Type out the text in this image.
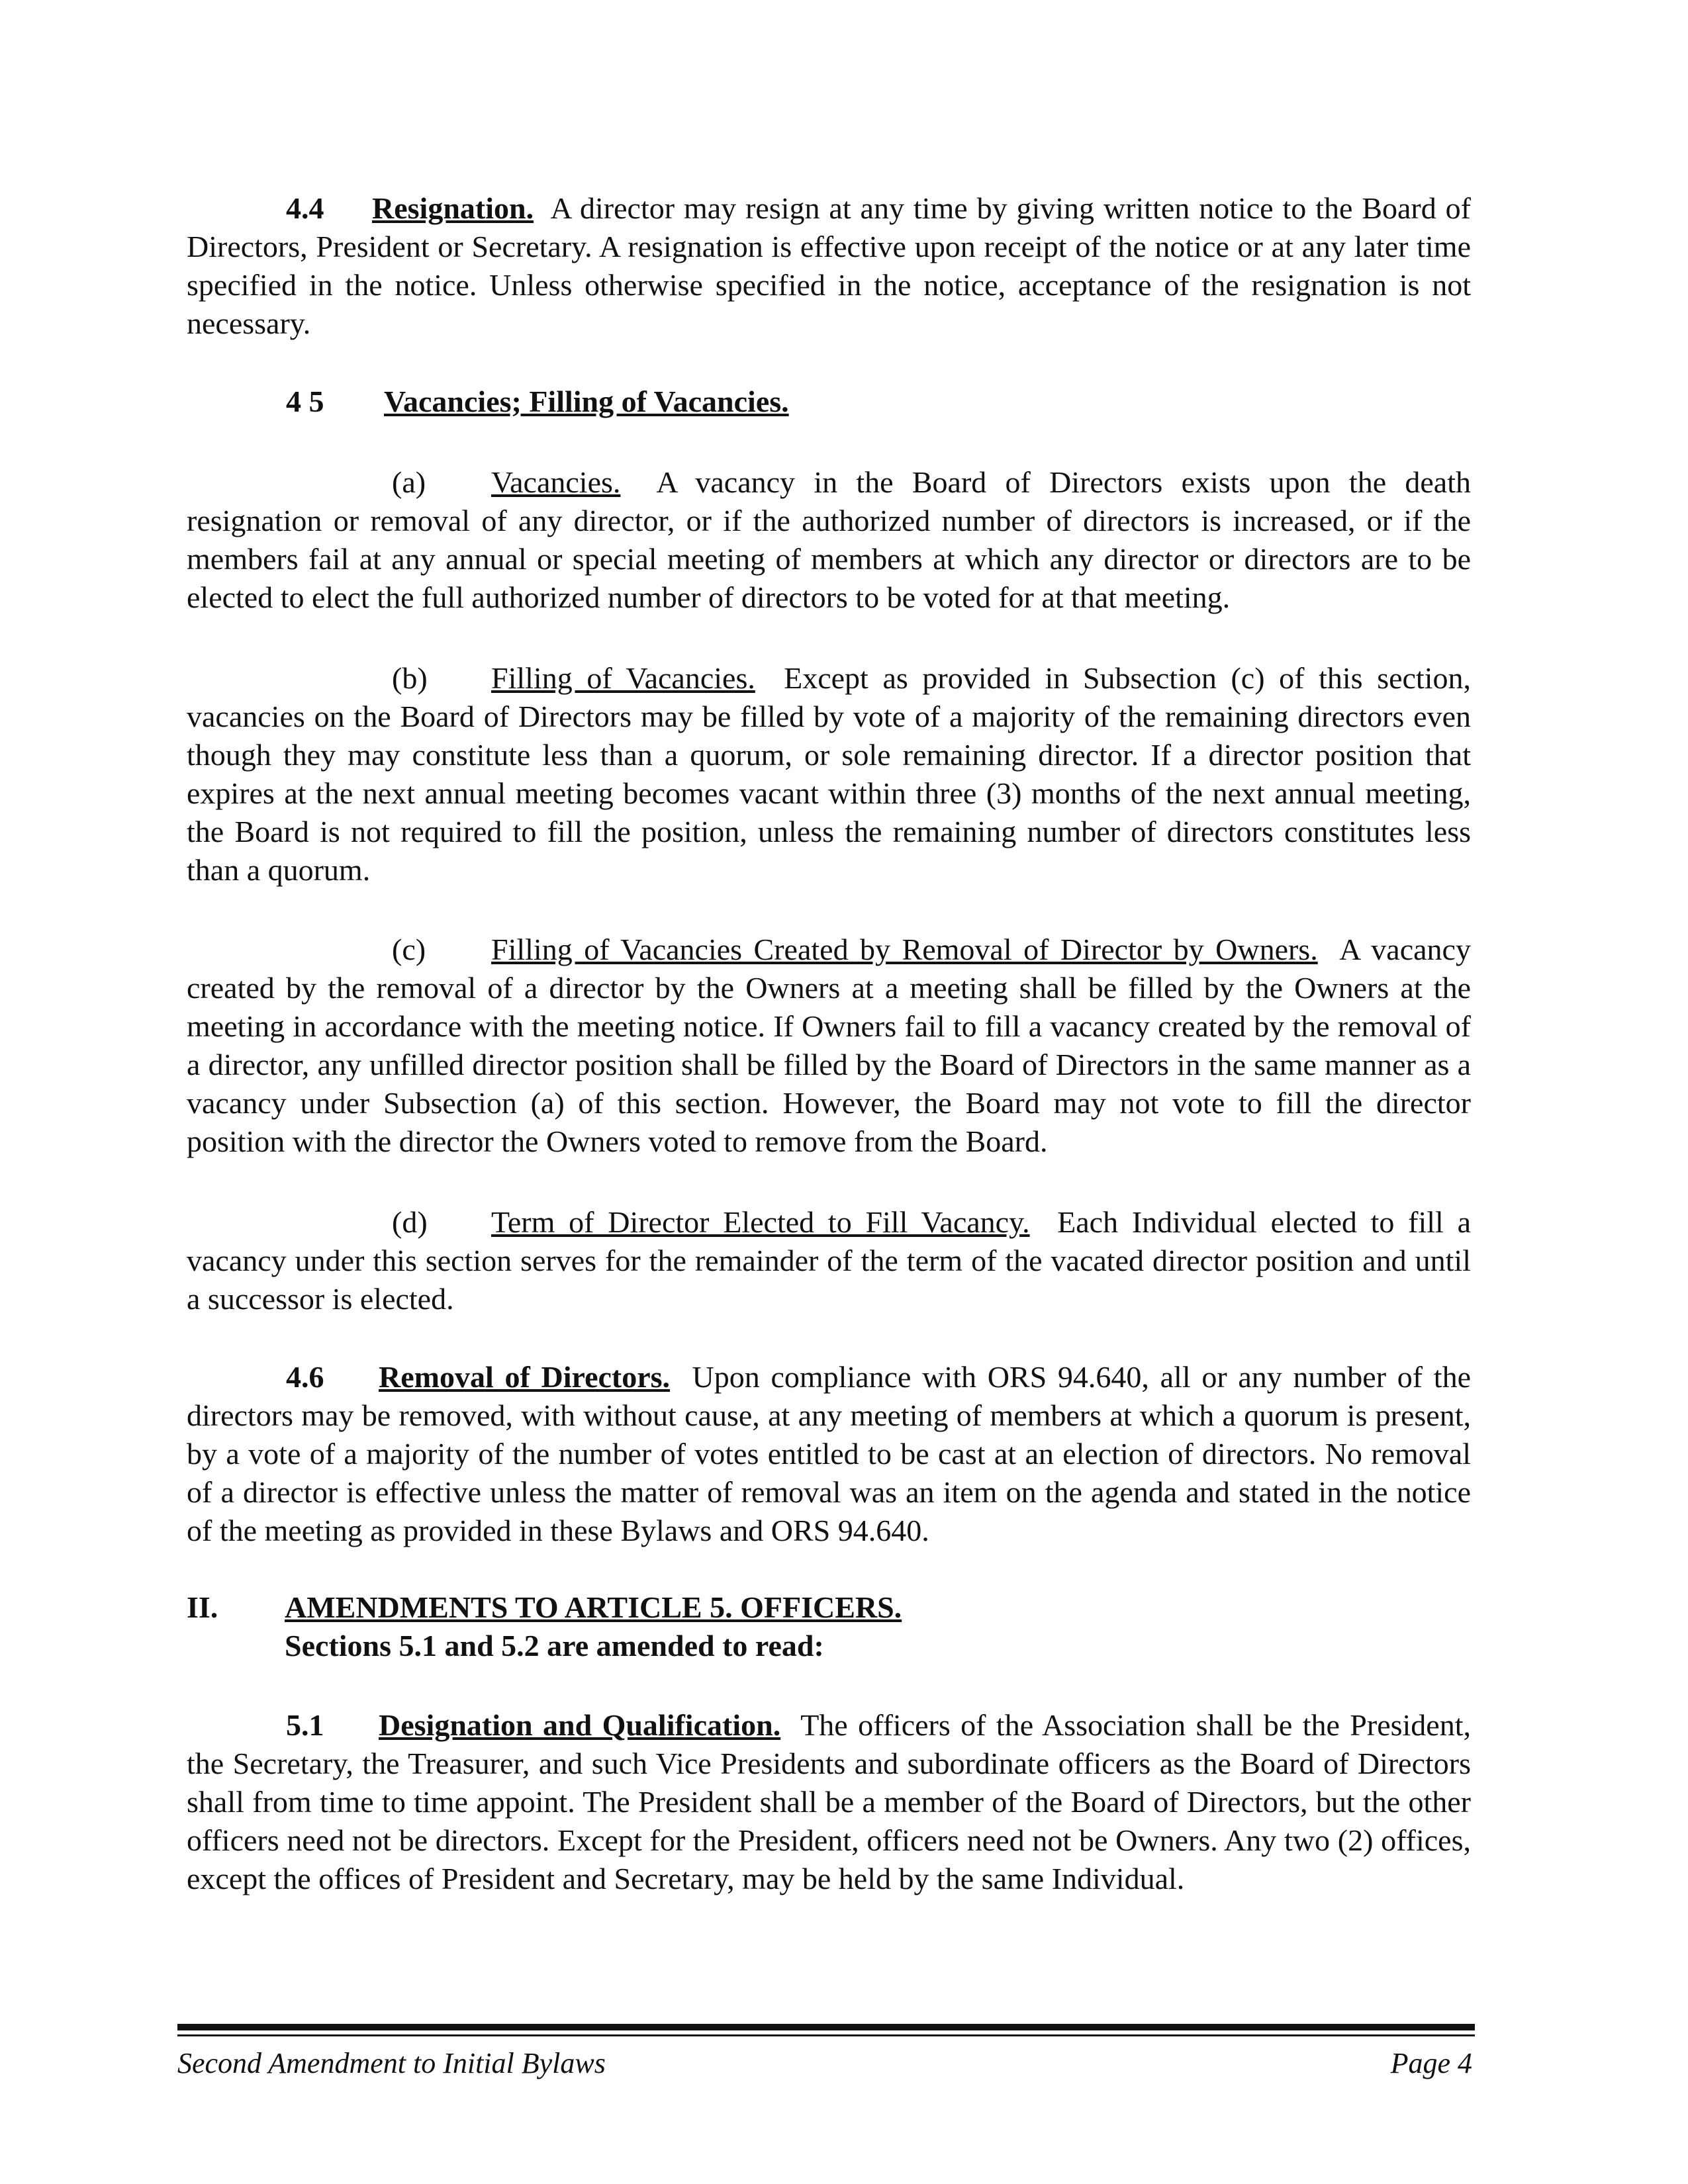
4.4 Resignation. A director may resign at any time by giving written notice to the Board of Directors, President or Secretary. A resignation is effective upon receipt of the notice or at any later time specified in the notice. Unless otherwise specified in the notice, acceptance of the resignation is not necessary.

4 5 Vacancies; Filling of Vacancies.

(a) Vacancies. A vacancy in the Board of Directors exists upon the death resignation or removal of any director, or if the authorized number of directors is increased, or if the members fail at any annual or special meeting of members at which any director or directors are to be elected to elect the full authorized number of directors to be voted for at that meeting.

(b) Filling of Vacancies. Except as provided in Subsection (c) of this section, vacancies on the Board of Directors may be filled by vote of a majority of the remaining directors even though they may constitute less than a quorum, or sole remaining director. If a director position that expires at the next annual meeting becomes vacant within three (3) months of the next annual meeting, the Board is not required to fill the position, unless the remaining number of directors constitutes less than a quorum.

(c) Filling of Vacancies Created by Removal of Director by Owners. A vacancy created by the removal of a director by the Owners at a meeting shall be filled by the Owners at the meeting in accordance with the meeting notice. If Owners fail to fill a vacancy created by the removal of a director, any unfilled director position shall be filled by the Board of Directors in the same manner as a vacancy under Subsection (a) of this section. However, the Board may not vote to fill the director position with the director the Owners voted to remove from the Board.

(d) Term of Director Elected to Fill Vacancy. Each Individual elected to fill a vacancy under this section serves for the remainder of the term of the vacated director position and until a successor is elected.

4.6 Removal of Directors. Upon compliance with ORS 94.640, all or any number of the directors may be removed, with without cause, at any meeting of members at which a quorum is present, by a vote of a majority of the number of votes entitled to be cast at an election of directors. No removal of a director is effective unless the matter of removal was an item on the agenda and stated in the notice of the meeting as provided in these Bylaws and ORS 94.640.

II. AMENDMENTS TO ARTICLE 5. OFFICERS.
Sections 5.1 and 5.2 are amended to read:

5.1 Designation and Qualification. The officers of the Association shall be the President, the Secretary, the Treasurer, and such Vice Presidents and subordinate officers as the Board of Directors shall from time to time appoint. The President shall be a member of the Board of Directors, but the other officers need not be directors. Except for the President, officers need not be Owners. Any two (2) offices, except the offices of President and Secretary, may be held by the same Individual.

Second Amendment to Initial Bylaws	Page 4
